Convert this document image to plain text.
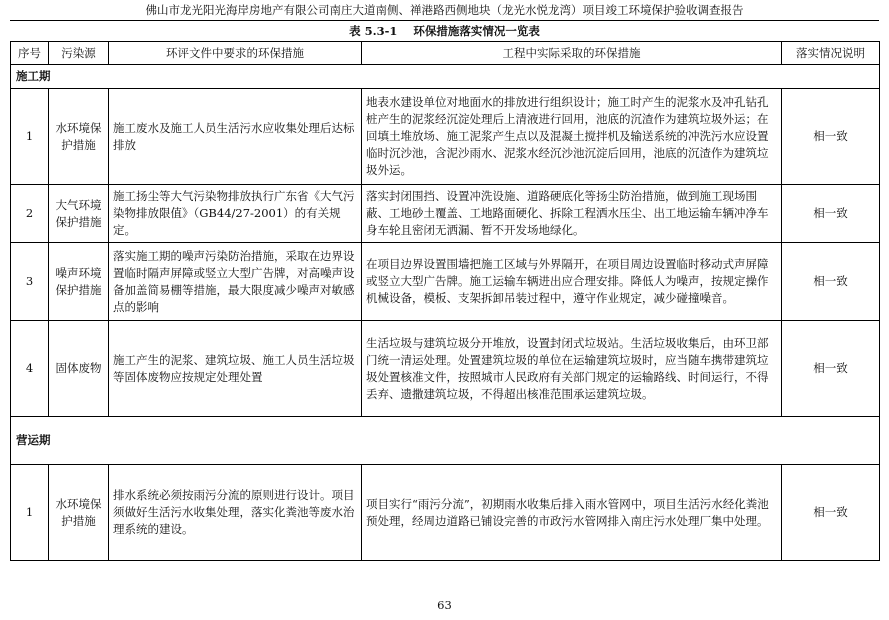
佛山市龙光阳光海岸房地产有限公司南庄大道南侧、禅港路西侧地块（龙光水悦龙湾）项目竣工环境保护验收调查报告
表 5.3-1 环保措施落实情况一览表
序号	污染源	环评文件中要求的环保措施	工程中实际采取的环保措施	落实情况说明
施工期				
1	水环境保护措施	施工废水及施工人员生活污水应收集处理后达标排放	地表水建设单位对地面水的排放进行组织设计；施工时产生的泥浆水及冲孔钻孔桩产生的泥浆经沉淀处理后上清液进行回用，池底的沉渣作为建筑垃圾外运；在回填土堆放场、施工泥浆产生点以及混凝土搅拌机及输送系统的冲洗污水应设置临时沉沙池，含泥沙雨水、泥浆水经沉沙池沉淀后回用，池底的沉渣作为建筑垃圾外运。	相一致
2	大气环境保护措施	施工扬尘等大气污染物排放执行广东省《大气污染物排放限值》（GB44/27-2001）的有关规定。	落实封闭围挡、设置冲洗设施、道路硬底化等扬尘防治措施，做到施工现场围蔽、工地砂土覆盖、工地路面硬化、拆除工程洒水压尘、出工地运输车辆冲净车身车轮且密闭无洒漏、暂不开发场地绿化。	相一致
3	噪声环境保护措施	落实施工期的噪声污染防治措施，采取在边界设置临时隔声屏障或竖立大型广告牌，对高噪声设备加盖简易棚等措施，最大限度减少噪声对敏感点的影响	在项目边界设置围墙把施工区域与外界隔开，在项目周边设置临时移动式声屏障或竖立大型广告牌。施工运输车辆进出应合理安排。降低人为噪声，按规定操作机械设备，模板、支架拆卸吊装过程中，遵守作业规定，减少碰撞噪音。	相一致
4	固体废物	施工产生的泥浆、建筑垃圾、施工人员生活垃圾等固体废物应按规定处理处置	生活垃圾与建筑垃圾分开堆放，设置封闭式垃圾站。生活垃圾收集后，由环卫部门统一清运处理。处置建筑垃圾的单位在运输建筑垃圾时，应当随车携带建筑垃圾处置核准文件，按照城市人民政府有关部门规定的运输路线、时间运行，不得丢弃、遗撒建筑垃圾，不得超出核准范围承运建筑垃圾。	相一致
营运期				
1	水环境保护措施	排水系统必须按雨污分流的原则进行设计。项目须做好生活污水收集处理，落实化粪池等废水治理系统的建设。	项目实行“雨污分流”，初期雨水收集后排入雨水管网中，项目生活污水经化粪池预处理，经周边道路已铺设完善的市政污水管网排入南庄污水处理厂集中处理。	相一致
63
